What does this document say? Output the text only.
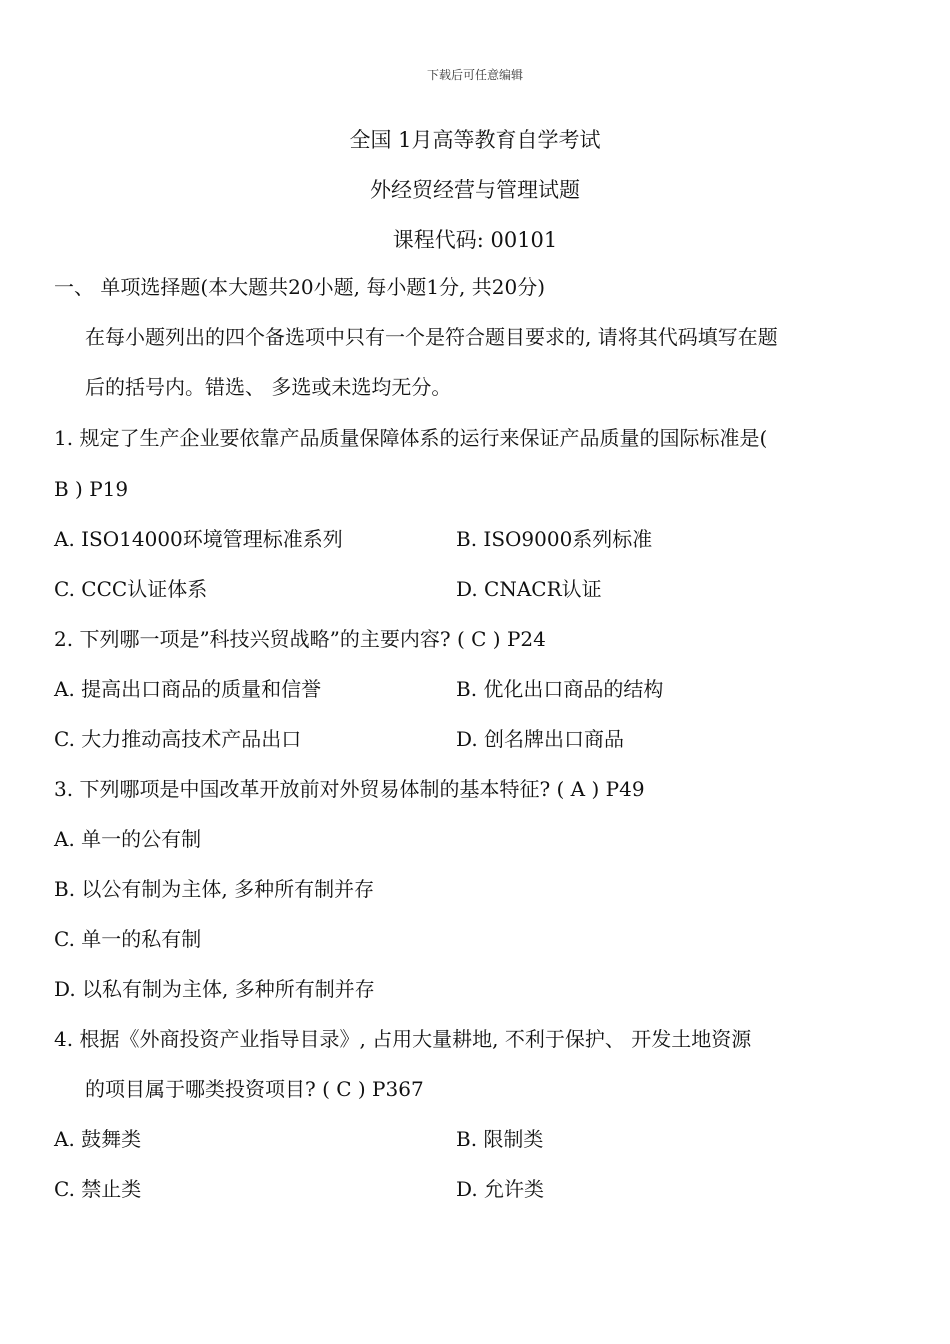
下载后可任意编辑
全国 1月高等教育自学考试
外经贸经营与管理试题
课程代码: 00101
一、 单项选择题(本大题共20小题, 每小题1分, 共20分)
在每小题列出的四个备选项中只有一个是符合题目要求的, 请将其代码填写在题
后的括号内。错选、 多选或未选均无分。
1. 规定了生产企业要依靠产品质量保障体系的运行来保证产品质量的国际标准是(
B ) P19
A. ISO14000环境管理标准系列	B. ISO9000系列标准
C. CCC认证体系	D. CNACR认证
2. 下列哪一项是”科技兴贸战略”的主要内容? ( C ) P24
A. 提高出口商品的质量和信誉	B. 优化出口商品的结构
C. 大力推动高技术产品出口	D. 创名牌出口商品
3. 下列哪项是中国改革开放前对外贸易体制的基本特征? ( A ) P49
A. 单一的公有制
B. 以公有制为主体, 多种所有制并存
C. 单一的私有制
D. 以私有制为主体, 多种所有制并存
4. 根据《外商投资产业指导目录》, 占用大量耕地, 不利于保护、 开发土地资源
的项目属于哪类投资项目? ( C ) P367
A. 鼓舞类	B. 限制类
C. 禁止类	D. 允许类
